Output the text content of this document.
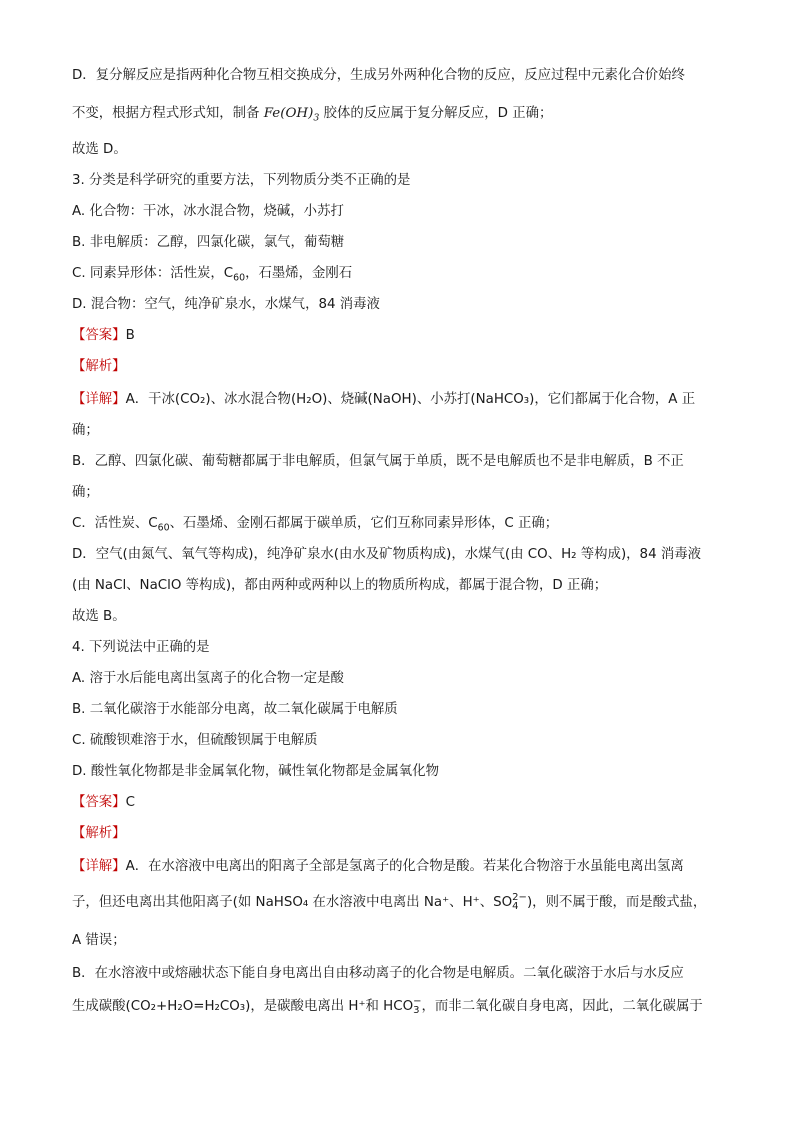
D．复分解反应是指两种化合物互相交换成分，生成另外两种化合物的反应，反应过程中元素化合价始终
不变，根据方程式形式知，制备 $Fe(OH)_3$ 胶体的反应属于复分解反应，D 正确；
故选 D。
3. 分类是科学研究的重要方法，下列物质分类不正确的是
A. 化合物：干冰，冰水混合物，烧碱，小苏打
B. 非电解质：乙醇，四氯化碳，氯气，葡萄糖
C. 同素异形体：活性炭，$C_{60}$，石墨烯，金刚石
D. 混合物：空气，纯净矿泉水，水煤气，84 消毒液
【答案】B
【解析】
【详解】A．干冰(CO₂)、冰水混合物(H₂O)、烧碱(NaOH)、小苏打(NaHCO₃)，它们都属于化合物，A 正
确；
B．乙醇、四氯化碳、葡萄糖都属于非电解质，但氯气属于单质，既不是电解质也不是非电解质，B 不正
确；
C．活性炭、$C_{60}$、石墨烯、金刚石都属于碳单质，它们互称同素异形体，C 正确；
D．空气(由氮气、氧气等构成)，纯净矿泉水(由水及矿物质构成)，水煤气(由 CO、H₂ 等构成)，84 消毒液
(由 NaCl、NaClO 等构成)，都由两种或两种以上的物质所构成，都属于混合物，D 正确；
故选 B。
4. 下列说法中正确的是
A. 溶于水后能电离出氢离子的化合物一定是酸
B. 二氧化碳溶于水能部分电离，故二氧化碳属于电解质
C. 硫酸钡难溶于水，但硫酸钡属于电解质
D. 酸性氧化物都是非金属氧化物，碱性氧化物都是金属氧化物
【答案】C
【解析】
【详解】A．在水溶液中电离出的阳离子全部是氢离子的化合物是酸。若某化合物溶于水虽能电离出氢离
子，但还电离出其他阳离子(如 NaHSO₄ 在水溶液中电离出 Na⁺、H⁺、SO2−
4 )，则不属于酸，而是酸式盐，
A 错误；
B．在水溶液中或熔融状态下能自身电离出自由移动离子的化合物是电解质。二氧化碳溶于水后与水反应
生成碳酸(CO₂+H₂O=H₂CO₃)，是碳酸电离出 H⁺和 HCO−
3 ，而非二氧化碳自身电离，因此，二氧化碳属于
